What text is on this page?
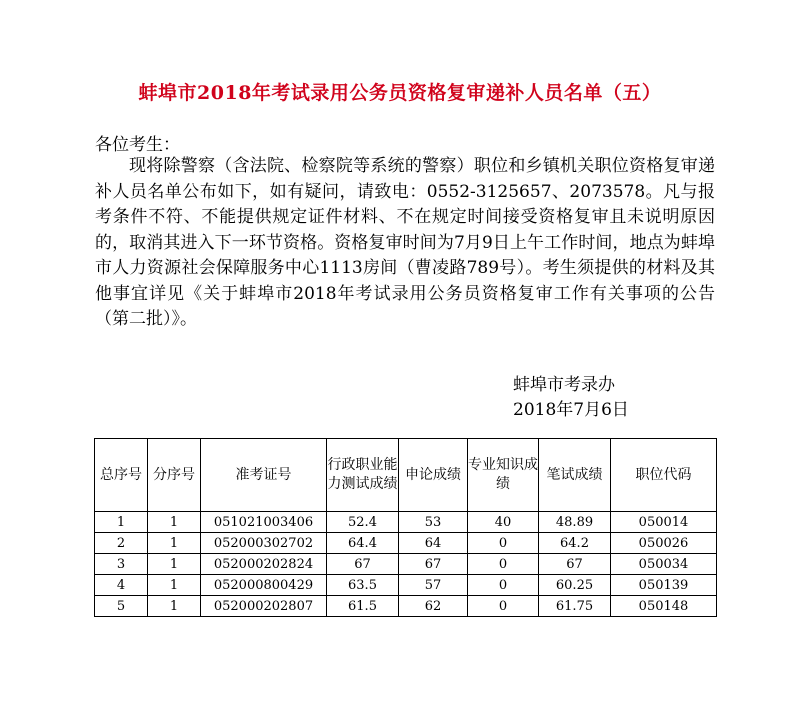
蚌埠市2018年考试录用公务员资格复审递补人员名单（五）
各位考生：
现将除警察（含法院、检察院等系统的警察）职位和乡镇机关职位资格复审递补人员名单公布如下，如有疑问，请致电：0552-3125657、2073578。凡与报考条件不符、不能提供规定证件材料、不在规定时间接受资格复审且未说明原因的，取消其进入下一环节资格。资格复审时间为7月9日上午工作时间，地点为蚌埠市人力资源社会保障服务中心1113房间（曹凌路789号）。考生须提供的材料及其他事宜详见《关于蚌埠市2018年考试录用公务员资格复审工作有关事项的公告（第二批）》。
蚌埠市考录办
2018年7月6日
总序号	分序号	准考证号	行政职业能力测试成绩	申论成绩	专业知识成绩	笔试成绩	职位代码
1	1	051021003406	52.4	53	40	48.89	050014
2	1	052000302702	64.4	64	0	64.2	050026
3	1	052000202824	67	67	0	67	050034
4	1	052000800429	63.5	57	0	60.25	050139
5	1	052000202807	61.5	62	0	61.75	050148
